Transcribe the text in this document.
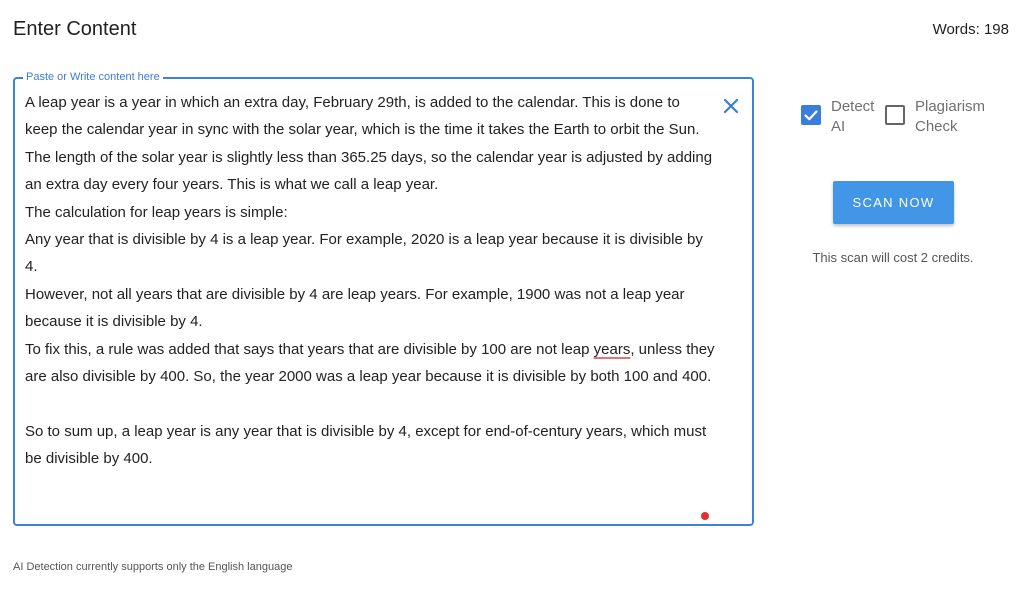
Enter Content	Words: 198
Paste or Write content here

A leap year is a year in which an extra day, February 29th, is added to the calendar. This is done to keep the calendar year in sync with the solar year, which is the time it takes the Earth to orbit the Sun.

The length of the solar year is slightly less than 365.25 days, so the calendar year is adjusted by adding an extra day every four years. This is what we call a leap year.

The calculation for leap years is simple:

Any year that is divisible by 4 is a leap year. For example, 2020 is a leap year because it is divisible by 4.

However, not all years that are divisible by 4 are leap years. For example, 1900 was not a leap year because it is divisible by 4.

To fix this, a rule was added that says that years that are divisible by 100 are not leap years, unless they are also divisible by 400. So, the year 2000 was a leap year because it is divisible by both 100 and 400.

So to sum up, a leap year is any year that is divisible by 4, except for end-of-century years, which must be divisible by 400.

Detect AI
Plagiarism Check
SCAN NOW
This scan will cost 2 credits.
AI Detection currently supports only the English language
